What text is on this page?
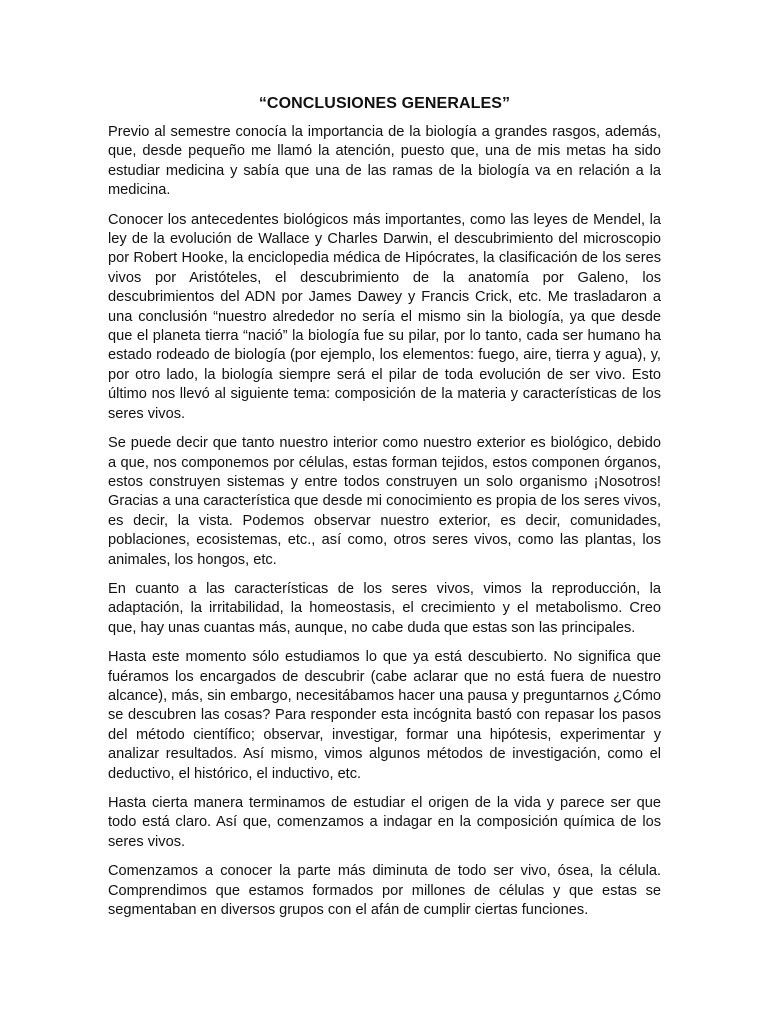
“CONCLUSIONES GENERALES”

Previo al semestre conocía la importancia de la biología a grandes rasgos, además, que, desde pequeño me llamó la atención, puesto que, una de mis metas ha sido estudiar medicina y sabía que una de las ramas de la biología va en relación a la medicina.

Conocer los antecedentes biológicos más importantes, como las leyes de Mendel, la ley de la evolución de Wallace y Charles Darwin, el descubrimiento del microscopio por Robert Hooke, la enciclopedia médica de Hipócrates, la clasificación de los seres vivos por Aristóteles, el descubrimiento de la anatomía por Galeno, los descubrimientos del ADN por James Dawey y Francis Crick, etc. Me trasladaron a una conclusión “nuestro alrededor no sería el mismo sin la biología, ya que desde que el planeta tierra “nació” la biología fue su pilar, por lo tanto, cada ser humano ha estado rodeado de biología (por ejemplo, los elementos: fuego, aire, tierra y agua), y, por otro lado, la biología siempre será el pilar de toda evolución de ser vivo. Esto último nos llevó al siguiente tema: composición de la materia y características de los seres vivos.

Se puede decir que tanto nuestro interior como nuestro exterior es biológico, debido a que, nos componemos por células, estas forman tejidos, estos componen órganos, estos construyen sistemas y entre todos construyen un solo organismo ¡Nosotros! Gracias a una característica que desde mi conocimiento es propia de los seres vivos, es decir, la vista. Podemos observar nuestro exterior, es decir, comunidades, poblaciones, ecosistemas, etc., así como, otros seres vivos, como las plantas, los animales, los hongos, etc.

En cuanto a las características de los seres vivos, vimos la reproducción, la adaptación, la irritabilidad, la homeostasis, el crecimiento y el metabolismo. Creo que, hay unas cuantas más, aunque, no cabe duda que estas son las principales.

Hasta este momento sólo estudiamos lo que ya está descubierto. No significa que fuéramos los encargados de descubrir (cabe aclarar que no está fuera de nuestro alcance), más, sin embargo, necesitábamos hacer una pausa y preguntarnos ¿Cómo se descubren las cosas? Para responder esta incógnita bastó con repasar los pasos del método científico; observar, investigar, formar una hipótesis, experimentar y analizar resultados. Así mismo, vimos algunos métodos de investigación, como el deductivo, el histórico, el inductivo, etc.

Hasta cierta manera terminamos de estudiar el origen de la vida y parece ser que todo está claro. Así que, comenzamos a indagar en la composición química de los seres vivos.

Comenzamos a conocer la parte más diminuta de todo ser vivo, ósea, la célula. Comprendimos que estamos formados por millones de células y que estas se segmentaban en diversos grupos con el afán de cumplir ciertas funciones.
